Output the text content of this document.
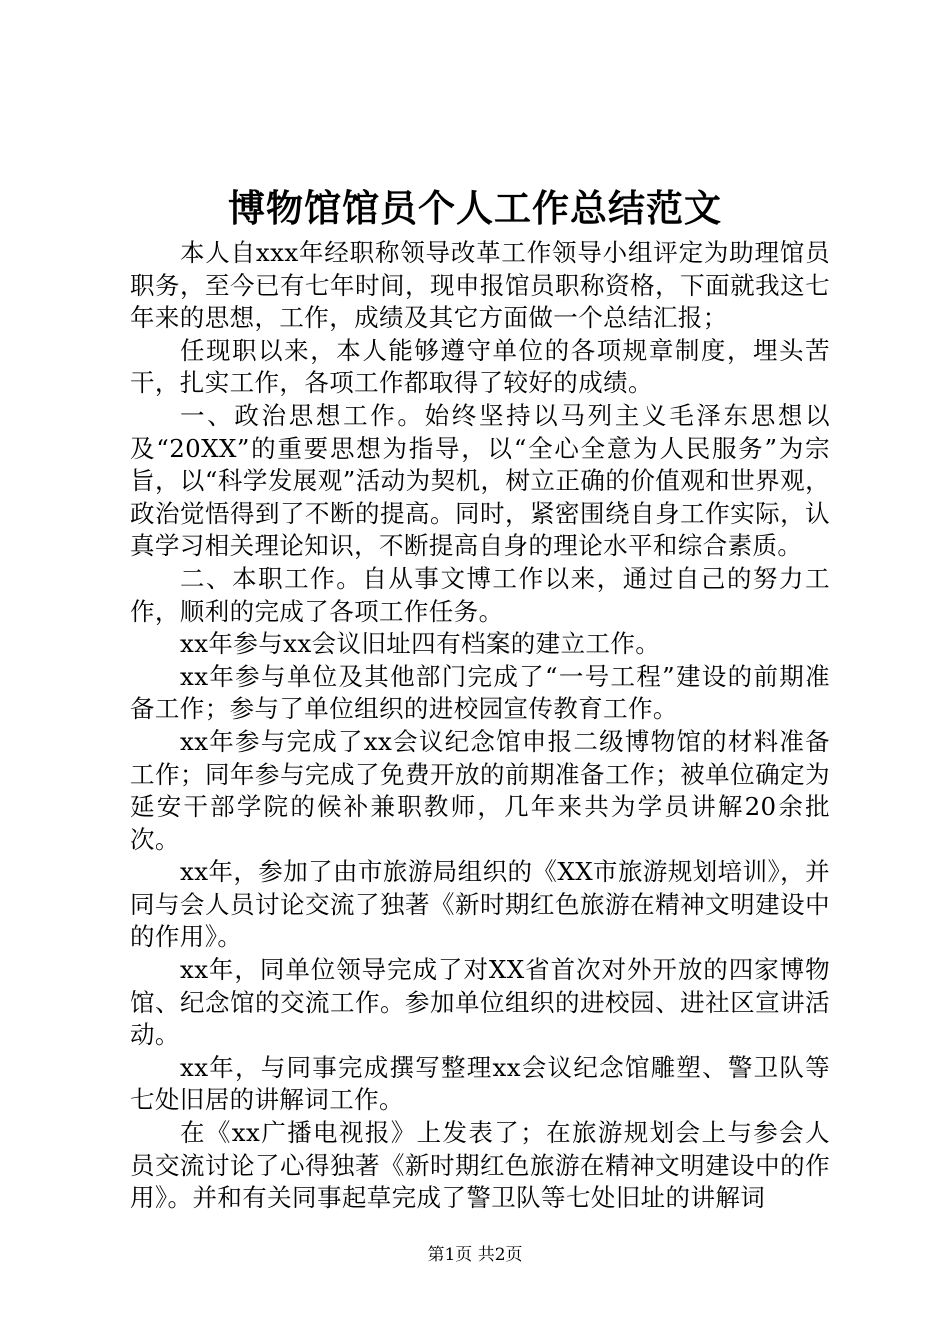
博物馆馆员个人工作总结范文

本人自xxx年经职称领导改革工作领导小组评定为助理馆员职务，至今已有七年时间，现申报馆员职称资格，下面就我这七年来的思想，工作，成绩及其它方面做一个总结汇报；

任现职以来，本人能够遵守单位的各项规章制度，埋头苦干，扎实工作，各项工作都取得了较好的成绩。

一、政治思想工作。始终坚持以马列主义毛泽东思想以及“20XX”的重要思想为指导，以“全心全意为人民服务”为宗旨，以“科学发展观”活动为契机，树立正确的价值观和世界观，政治觉悟得到了不断的提高。同时，紧密围绕自身工作实际，认真学习相关理论知识，不断提高自身的理论水平和综合素质。

二、本职工作。自从事文博工作以来，通过自己的努力工作，顺利的完成了各项工作任务。

xx年参与xx会议旧址四有档案的建立工作。

xx年参与单位及其他部门完成了“一号工程”建设的前期准备工作；参与了单位组织的进校园宣传教育工作。

xx年参与完成了xx会议纪念馆申报二级博物馆的材料准备工作；同年参与完成了免费开放的前期准备工作；被单位确定为延安干部学院的候补兼职教师，几年来共为学员讲解20余批次。

xx年，参加了由市旅游局组织的《XX市旅游规划培训》，并同与会人员讨论交流了独著《新时期红色旅游在精神文明建设中的作用》。

xx年，同单位领导完成了对XX省首次对外开放的四家博物馆、纪念馆的交流工作。参加单位组织的进校园、进社区宣讲活动。

xx年，与同事完成撰写整理xx会议纪念馆雕塑、警卫队等七处旧居的讲解词工作。

在《xx广播电视报》上发表了；在旅游规划会上与参会人员交流讨论了心得独著《新时期红色旅游在精神文明建设中的作用》。并和有关同事起草完成了警卫队等七处旧址的讲解词

第1页 共2页
